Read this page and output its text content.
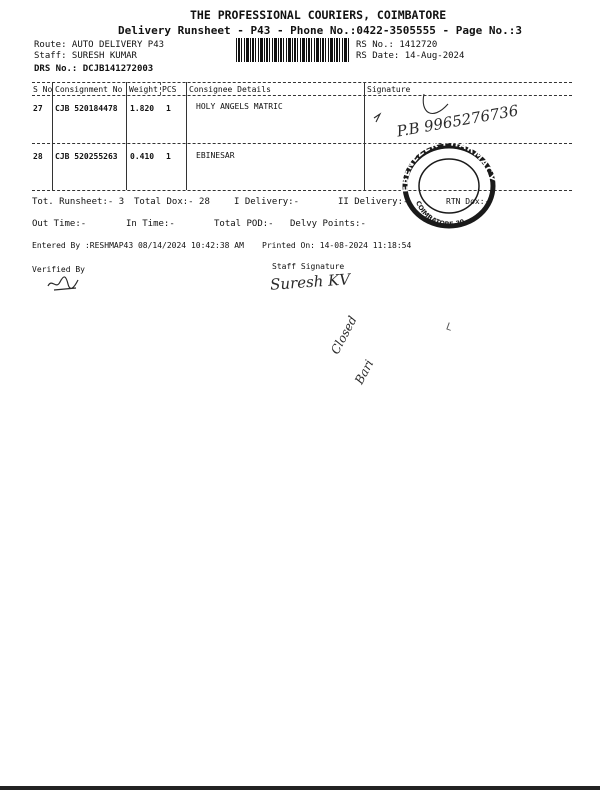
THE PROFESSIONAL COURIERS, COIMBATORE
Delivery Runsheet - P43 - Phone No.:0422-3505555 - Page No.:3
Route: AUTO DELIVERY P43
Staff: SURESH KUMAR
DRS No.: DCJB141272003
RS No.: 1412720
RS Date: 14-Aug-2024
S No Consignment No Weight PCS Consignee Details	Signature
27 CJB 520184478 1.820 1	HOLY ANGELS MATRIC
28 CJB 520255263 0.410 1	EBINESAR
Tot. Runsheet:- 3 Total Dox:- 28	I Delivery:-	II Delivery:-	RTN Dox:-
Out Time:-	In Time:-	Total POD:- Delvy Points:-
Entered By :RESHMAP43 08/14/2024 10:42:38 AM Printed On: 14-08-2024 11:18:54
Verified By	Staff Signature
Suresh KV
P.B 9965276736
EBENEZER PHARMACY
COIMBATORE-30
Closed
Bari
L
